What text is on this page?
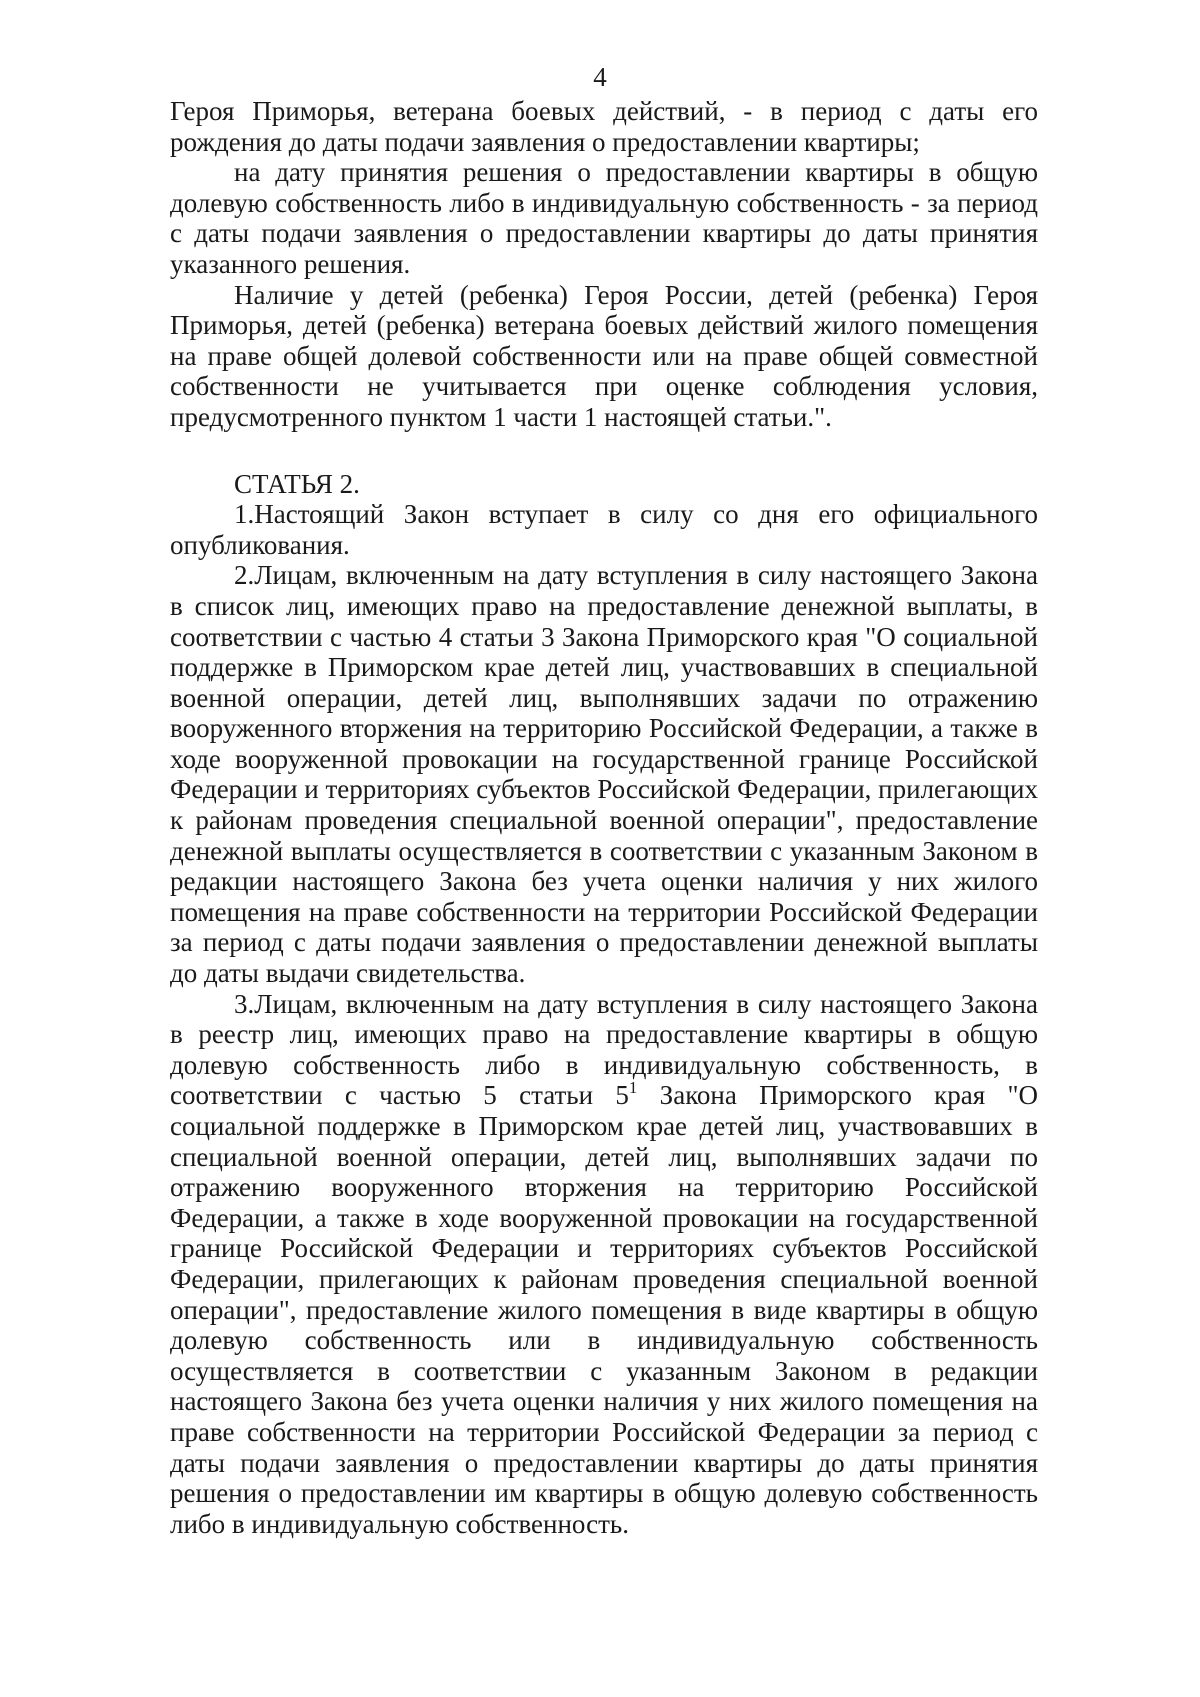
4

Героя Приморья, ветерана боевых действий, - в период с даты его рождения до даты подачи заявления о предоставлении квартиры;

на дату принятия решения о предоставлении квартиры в общую долевую собственность либо в индивидуальную собственность - за период с даты подачи заявления о предоставлении квартиры до даты принятия указанного решения.

Наличие у детей (ребенка) Героя России, детей (ребенка) Героя Приморья, детей (ребенка) ветерана боевых действий жилого помещения на праве общей долевой собственности или на праве общей совместной собственности не учитывается при оценке соблюдения условия, предусмотренного пунктом 1 части 1 настоящей статьи.".

СТАТЬЯ 2.

1.Настоящий Закон вступает в силу со дня его официального опубликования.

2.Лицам, включенным на дату вступления в силу настоящего Закона в список лиц, имеющих право на предоставление денежной выплаты, в соответствии с частью 4 статьи 3 Закона Приморского края "О социальной поддержке в Приморском крае детей лиц, участвовавших в специальной военной операции, детей лиц, выполнявших задачи по отражению вооруженного вторжения на территорию Российской Федерации, а также в ходе вооруженной провокации на государственной границе Российской Федерации и территориях субъектов Российской Федерации, прилегающих к районам проведения специальной военной операции", предоставление денежной выплаты осуществляется в соответствии с указанным Законом в редакции настоящего Закона без учета оценки наличия у них жилого помещения на праве собственности на территории Российской Федерации за период с даты подачи заявления о предоставлении денежной выплаты до даты выдачи свидетельства.

3.Лицам, включенным на дату вступления в силу настоящего Закона в реестр лиц, имеющих право на предоставление квартиры в общую долевую собственность либо в индивидуальную собственность, в соответствии с частью 5 статьи $5^1$ Закона Приморского края "О социальной поддержке в Приморском крае детей лиц, участвовавших в специальной военной операции, детей лиц, выполнявших задачи по отражению вооруженного вторжения на территорию Российской Федерации, а также в ходе вооруженной провокации на государственной границе Российской Федерации и территориях субъектов Российской Федерации, прилегающих к районам проведения специальной военной операции", предоставление жилого помещения в виде квартиры в общую долевую собственность или в индивидуальную собственность осуществляется в соответствии с указанным Законом в редакции настоящего Закона без учета оценки наличия у них жилого помещения на праве собственности на территории Российской Федерации за период с даты подачи заявления о предоставлении квартиры до даты принятия решения о предоставлении им квартиры в общую долевую собственность либо в индивидуальную собственность.
